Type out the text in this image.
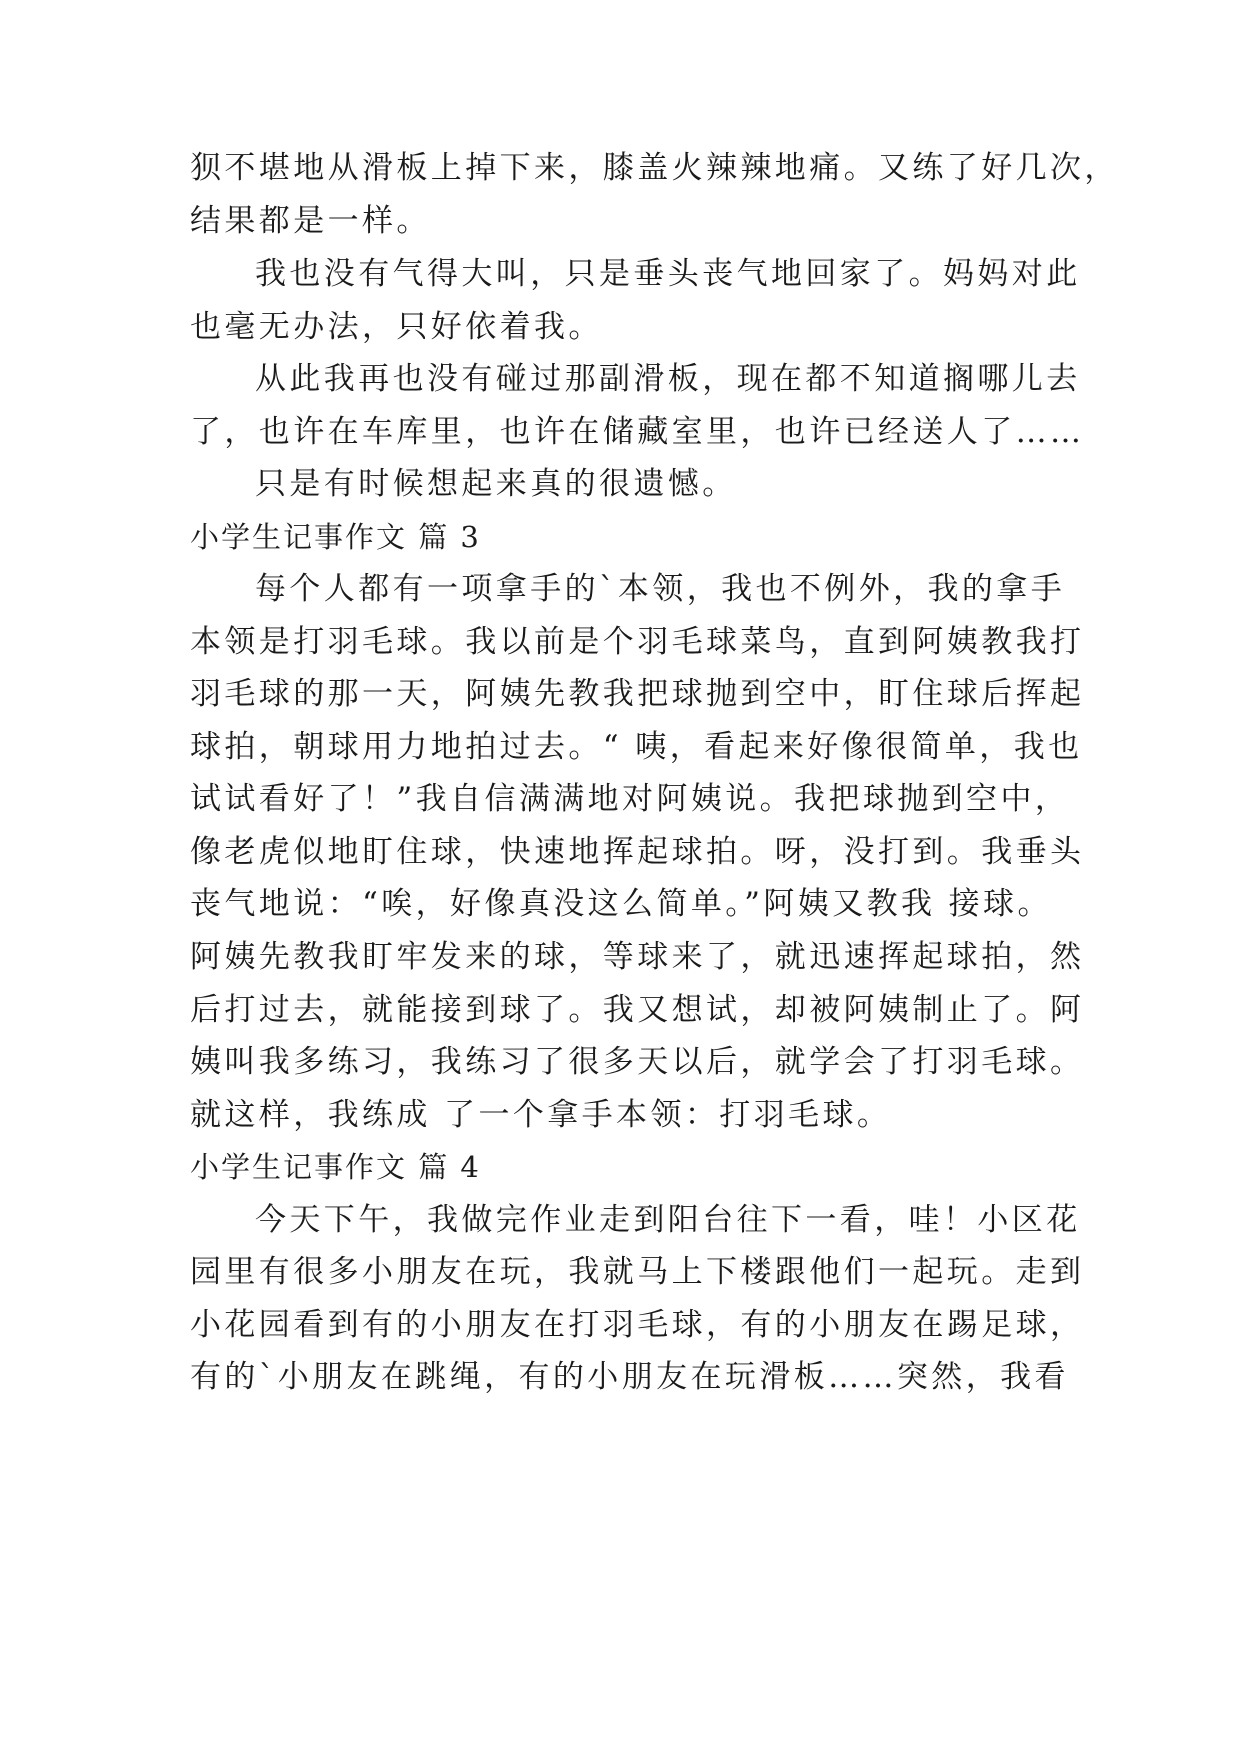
狈不堪地从滑板上掉下来，膝盖火辣辣地痛。又练了好几次，
结果都是一样。
我也没有气得大叫，只是垂头丧气地回家了。妈妈对此
也毫无办法，只好依着我。
从此我再也没有碰过那副滑板，现在都不知道搁哪儿去
了，也许在车库里，也许在储藏室里，也许已经送人了……
只是有时候想起来真的很遗憾。
小学生记事作文 篇 3
每个人都有一项拿手的`本领，我也不例外，我的拿手
本领是打羽毛球。我以前是个羽毛球菜鸟，直到阿姨教我打
羽毛球的那一天，阿姨先教我把球抛到空中，盯住球后挥起
球拍，朝球用力地拍过去。“ 咦，看起来好像很简单，我也
试试看好了！”我自信满满地对阿姨说。我把球抛到空中，
像老虎似地盯住球，快速地挥起球拍。呀，没打到。我垂头
丧气地说：“唉，好像真没这么简单。”阿姨又教我 接球。
阿姨先教我盯牢发来的球，等球来了，就迅速挥起球拍，然
后打过去，就能接到球了。我又想试，却被阿姨制止了。阿
姨叫我多练习，我练习了很多天以后，就学会了打羽毛球。
就这样，我练成 了一个拿手本领：打羽毛球。
小学生记事作文 篇 4
今天下午，我做完作业走到阳台往下一看，哇！小区花
园里有很多小朋友在玩，我就马上下楼跟他们一起玩。走到
小花园看到有的小朋友在打羽毛球，有的小朋友在踢足球，
有的`小朋友在跳绳，有的小朋友在玩滑板……突然，我看
